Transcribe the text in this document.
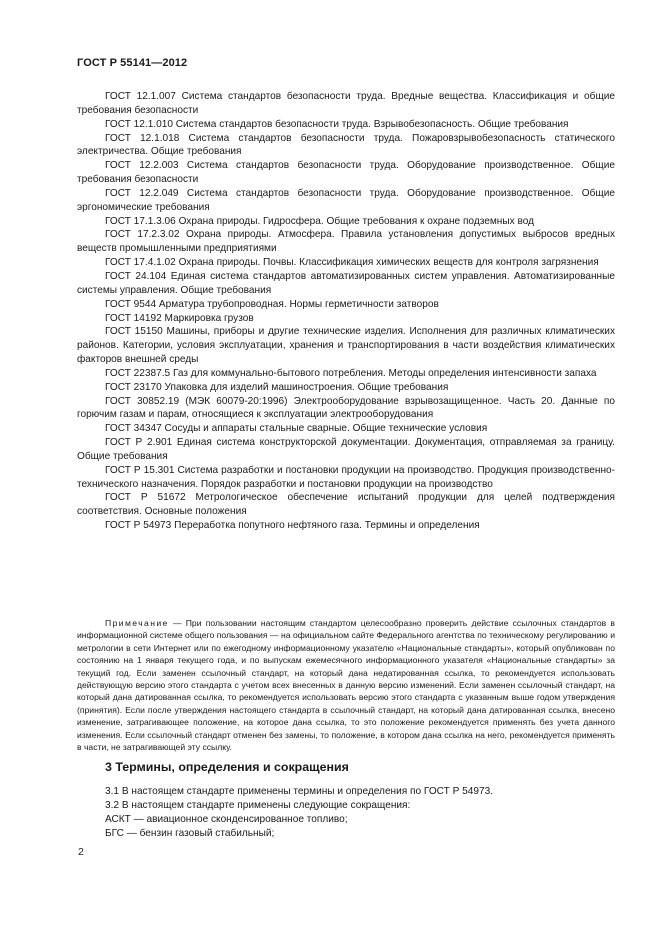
ГОСТ Р 55141—2012

ГОСТ 12.1.007 Система стандартов безопасности труда. Вредные вещества. Классификация и общие требования безопасности

ГОСТ 12.1.010 Система стандартов безопасности труда. Взрывобезопасность. Общие требования

ГОСТ 12.1.018 Система стандартов безопасности труда. Пожаровзрывобезопасность статического электричества. Общие требования

ГОСТ 12.2.003 Система стандартов безопасности труда. Оборудование производственное. Общие требования безопасности

ГОСТ 12.2.049 Система стандартов безопасности труда. Оборудование производственное. Общие эргономические требования

ГОСТ 17.1.3.06 Охрана природы. Гидросфера. Общие требования к охране подземных вод

ГОСТ 17.2.3.02 Охрана природы. Атмосфера. Правила установления допустимых выбросов вредных веществ промышленными предприятиями

ГОСТ 17.4.1.02 Охрана природы. Почвы. Классификация химических веществ для контроля загрязнения

ГОСТ 24.104 Единая система стандартов автоматизированных систем управления. Автоматизированные системы управления. Общие требования

ГОСТ 9544 Арматура трубопроводная. Нормы герметичности затворов

ГОСТ 14192 Маркировка грузов

ГОСТ 15150 Машины, приборы и другие технические изделия. Исполнения для различных климатических районов. Категории, условия эксплуатации, хранения и транспортирования в части воздействия климатических факторов внешней среды

ГОСТ 22387.5 Газ для коммунально-бытового потребления. Методы определения интенсивности запаха

ГОСТ 23170 Упаковка для изделий машиностроения. Общие требования

ГОСТ 30852.19 (МЭК 60079-20:1996) Электрооборудование взрывозащищенное. Часть 20. Данные по горючим газам и парам, относящиеся к эксплуатации электрооборудования

ГОСТ 34347 Сосуды и аппараты стальные сварные. Общие технические условия

ГОСТ Р 2.901 Единая система конструкторской документации. Документация, отправляемая за границу. Общие требования

ГОСТ Р 15.301 Система разработки и постановки продукции на производство. Продукция производственно-технического назначения. Порядок разработки и постановки продукции на производство

ГОСТ Р 51672 Метрологическое обеспечение испытаний продукции для целей подтверждения соответствия. Основные положения

ГОСТ Р 54973 Переработка попутного нефтяного газа. Термины и определения

Примечание — При пользовании настоящим стандартом целесообразно проверить действие ссылочных стандартов в информационной системе общего пользования — на официальном сайте Федерального агентства по техническому регулированию и метрологии в сети Интернет или по ежегодному информационному указателю «Национальные стандарты», который опубликован по состоянию на 1 января текущего года, и по выпускам ежемесячного информационного указателя «Национальные стандарты» за текущий год. Если заменен ссылочный стандарт, на который дана недатированная ссылка, то рекомендуется использовать действующую версию этого стандарта с учетом всех внесенных в данную версию изменений. Если заменен ссылочный стандарт, на который дана датированная ссылка, то рекомендуется использовать версию этого стандарта с указанным выше годом утверждения (принятия). Если после утверждения настоящего стандарта в ссылочный стандарт, на который дана датированная ссылка, внесено изменение, затрагивающее положение, на которое дана ссылка, то это положение рекомендуется применять без учета данного изменения. Если ссылочный стандарт отменен без замены, то положение, в котором дана ссылка на него, рекомендуется применять в части, не затрагивающей эту ссылку.

3 Термины, определения и сокращения

3.1 В настоящем стандарте применены термины и определения по ГОСТ Р 54973.

3.2 В настоящем стандарте применены следующие сокращения:

АСКТ — авиационное сконденсированное топливо;

БГС — бензин газовый стабильный;

2
